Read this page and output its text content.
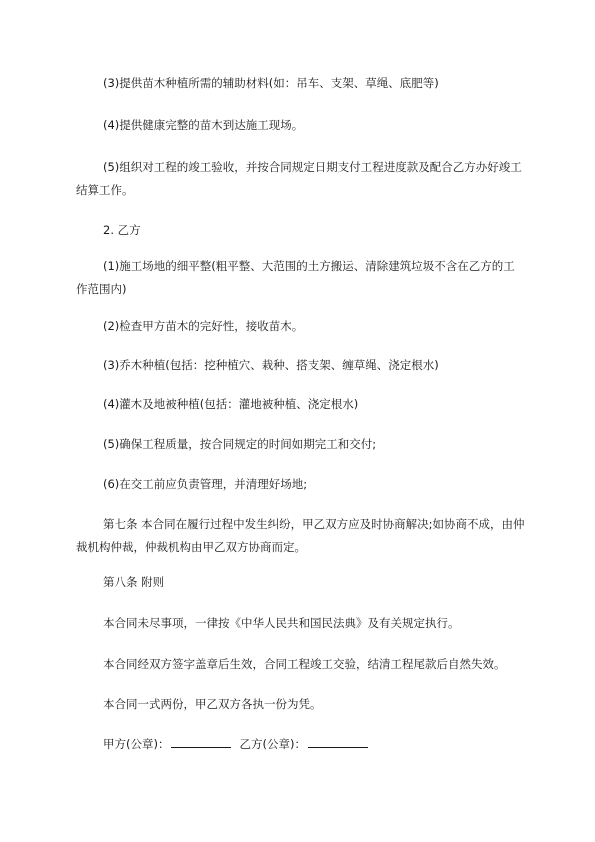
(3)提供苗木种植所需的辅助材料(如：吊车、支架、草绳、底肥等)

(4)提供健康完整的苗木到达施工现场。

(5)组织对工程的竣工验收，并按合同规定日期支付工程进度款及配合乙方办好竣工结算工作。

2. 乙方

(1)施工场地的细平整(粗平整、大范围的土方搬运、清除建筑垃圾不含在乙方的工作范围内)

(2)检查甲方苗木的完好性，接收苗木。

(3)乔木种植(包括：挖种植穴、栽种、搭支架、缠草绳、浇定根水)

(4)灌木及地被种植(包括：灌地被种植、浇定根水)

(5)确保工程质量，按合同规定的时间如期完工和交付;

(6)在交工前应负责管理，并清理好场地;

第七条 本合同在履行过程中发生纠纷，甲乙双方应及时协商解决;如协商不成，由仲裁机构仲裁，仲裁机构由甲乙双方协商而定。

第八条 附则

本合同未尽事项，一律按《中华人民共和国民法典》及有关规定执行。

本合同经双方签字盖章后生效，合同工程竣工交验，结清工程尾款后自然失效。

本合同一式两份，甲乙双方各执一份为凭。

甲方(公章)：	乙方(公章)：
